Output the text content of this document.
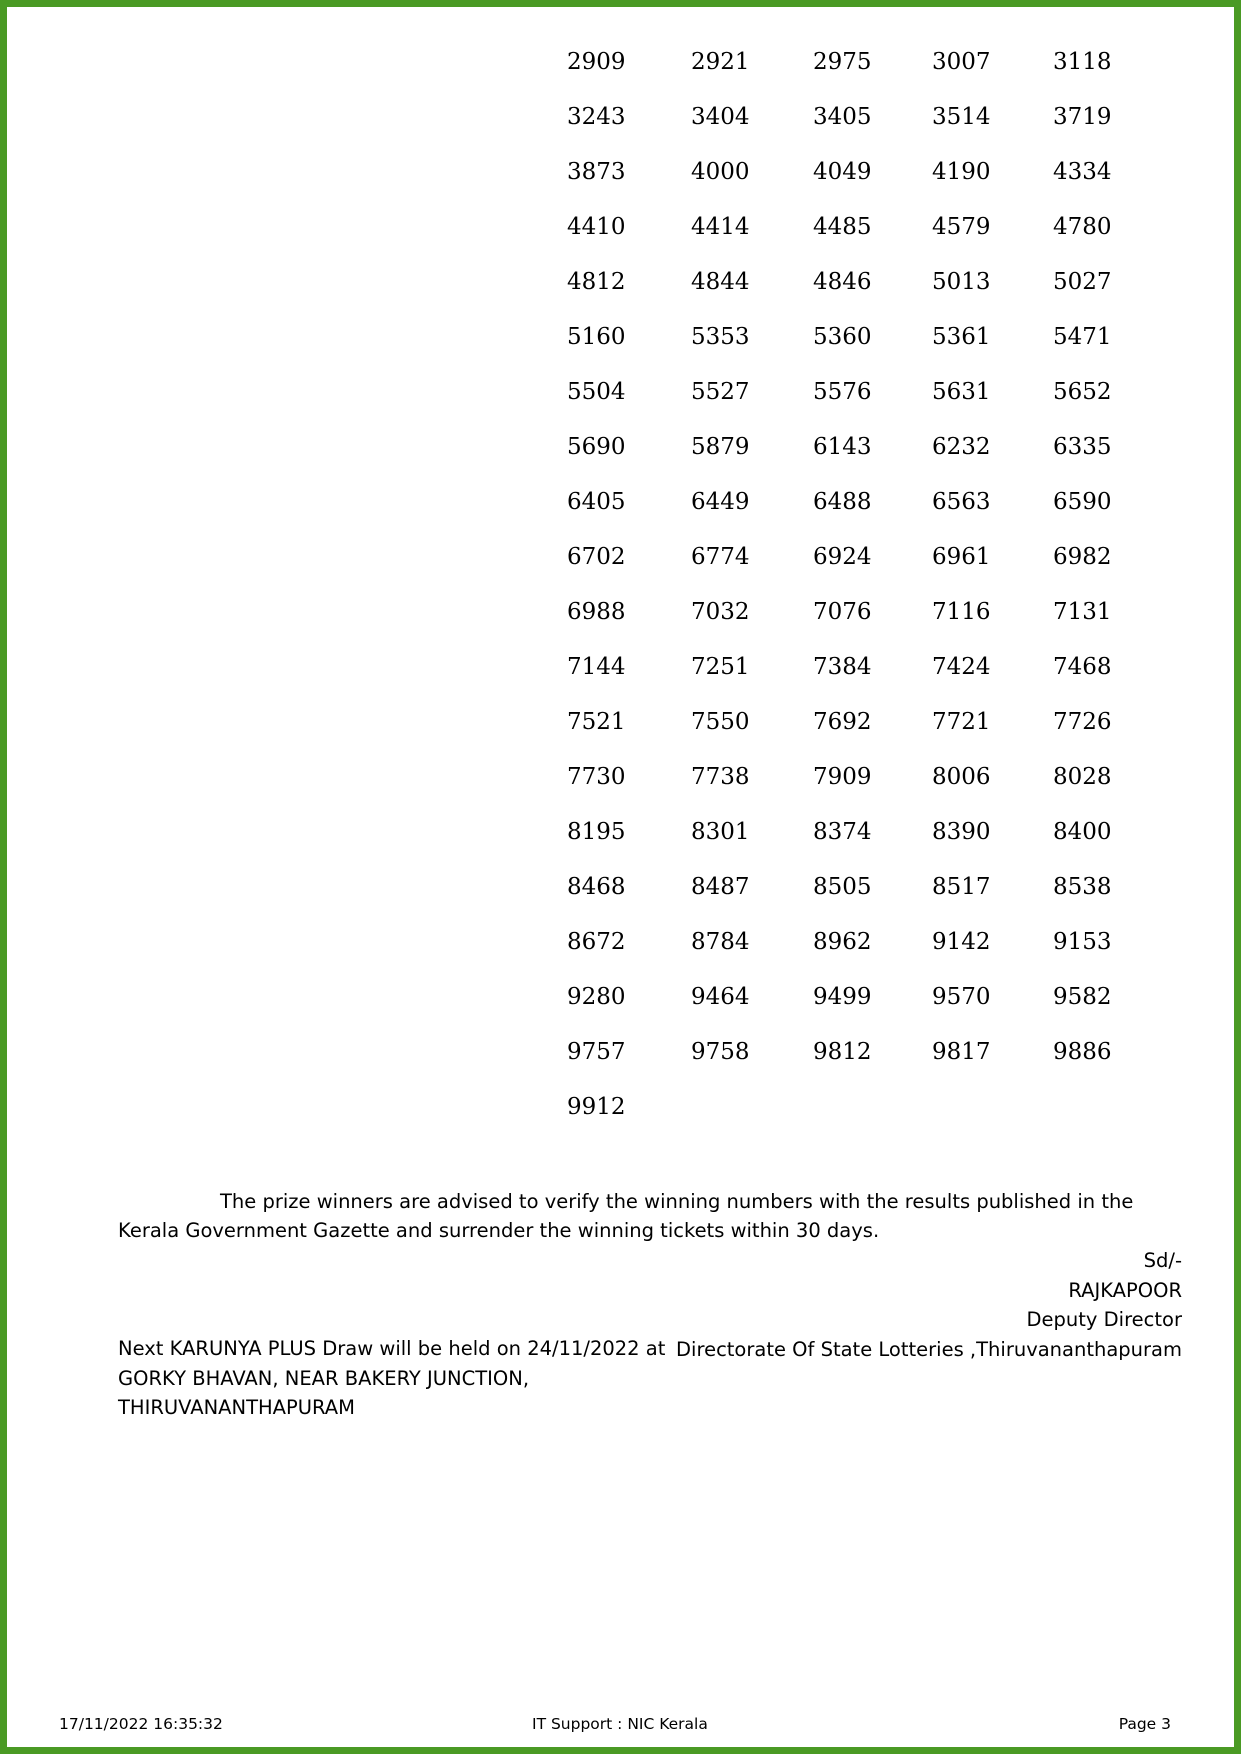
2909	2921	2975	3007	3118
3243	3404	3405	3514	3719
3873	4000	4049	4190	4334
4410	4414	4485	4579	4780
4812	4844	4846	5013	5027
5160	5353	5360	5361	5471
5504	5527	5576	5631	5652
5690	5879	6143	6232	6335
6405	6449	6488	6563	6590
6702	6774	6924	6961	6982
6988	7032	7076	7116	7131
7144	7251	7384	7424	7468
7521	7550	7692	7721	7726
7730	7738	7909	8006	8028
8195	8301	8374	8390	8400
8468	8487	8505	8517	8538
8672	8784	8962	9142	9153
9280	9464	9499	9570	9582
9757	9758	9812	9817	9886
9912
The prize winners are advised to verify the winning numbers with the results published in the Kerala Government Gazette and surrender the winning tickets within 30 days.
Sd/-
RAJKAPOOR
Deputy Director
Directorate Of State Lotteries ,Thiruvananthapuram
Next KARUNYA PLUS Draw will be held on 24/11/2022 at
GORKY BHAVAN, NEAR BAKERY JUNCTION,
THIRUVANANTHAPURAM
17/11/2022 16:35:32	IT Support : NIC Kerala	Page 3
